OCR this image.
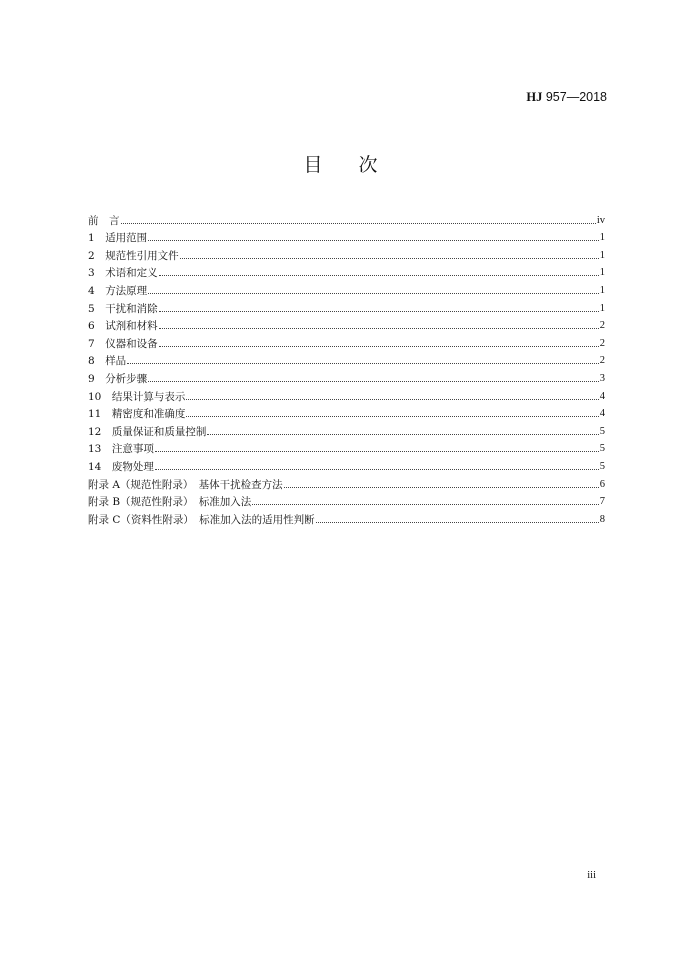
HJ 957—2018
目 次
前　言	iv
1　 适用范围	1
2　 规范性引用文件	1
3　 术语和定义	1
4　 方法原理	1
5　 干扰和消除	1
6　 试剂和材料	2
7　 仪器和设备	2
8　 样品	2
9　 分析步骤	3
10　 结果计算与表示	4
11　 精密度和准确度	4
12　 质量保证和质量控制	5
13　 注意事项	5
14　 废物处理	5
附录 A（规范性附录）　 基体干扰检查方法	6
附录 B（规范性附录）　 标准加入法	7
附录 C（资料性附录）　 标准加入法的适用性判断	8
iii
